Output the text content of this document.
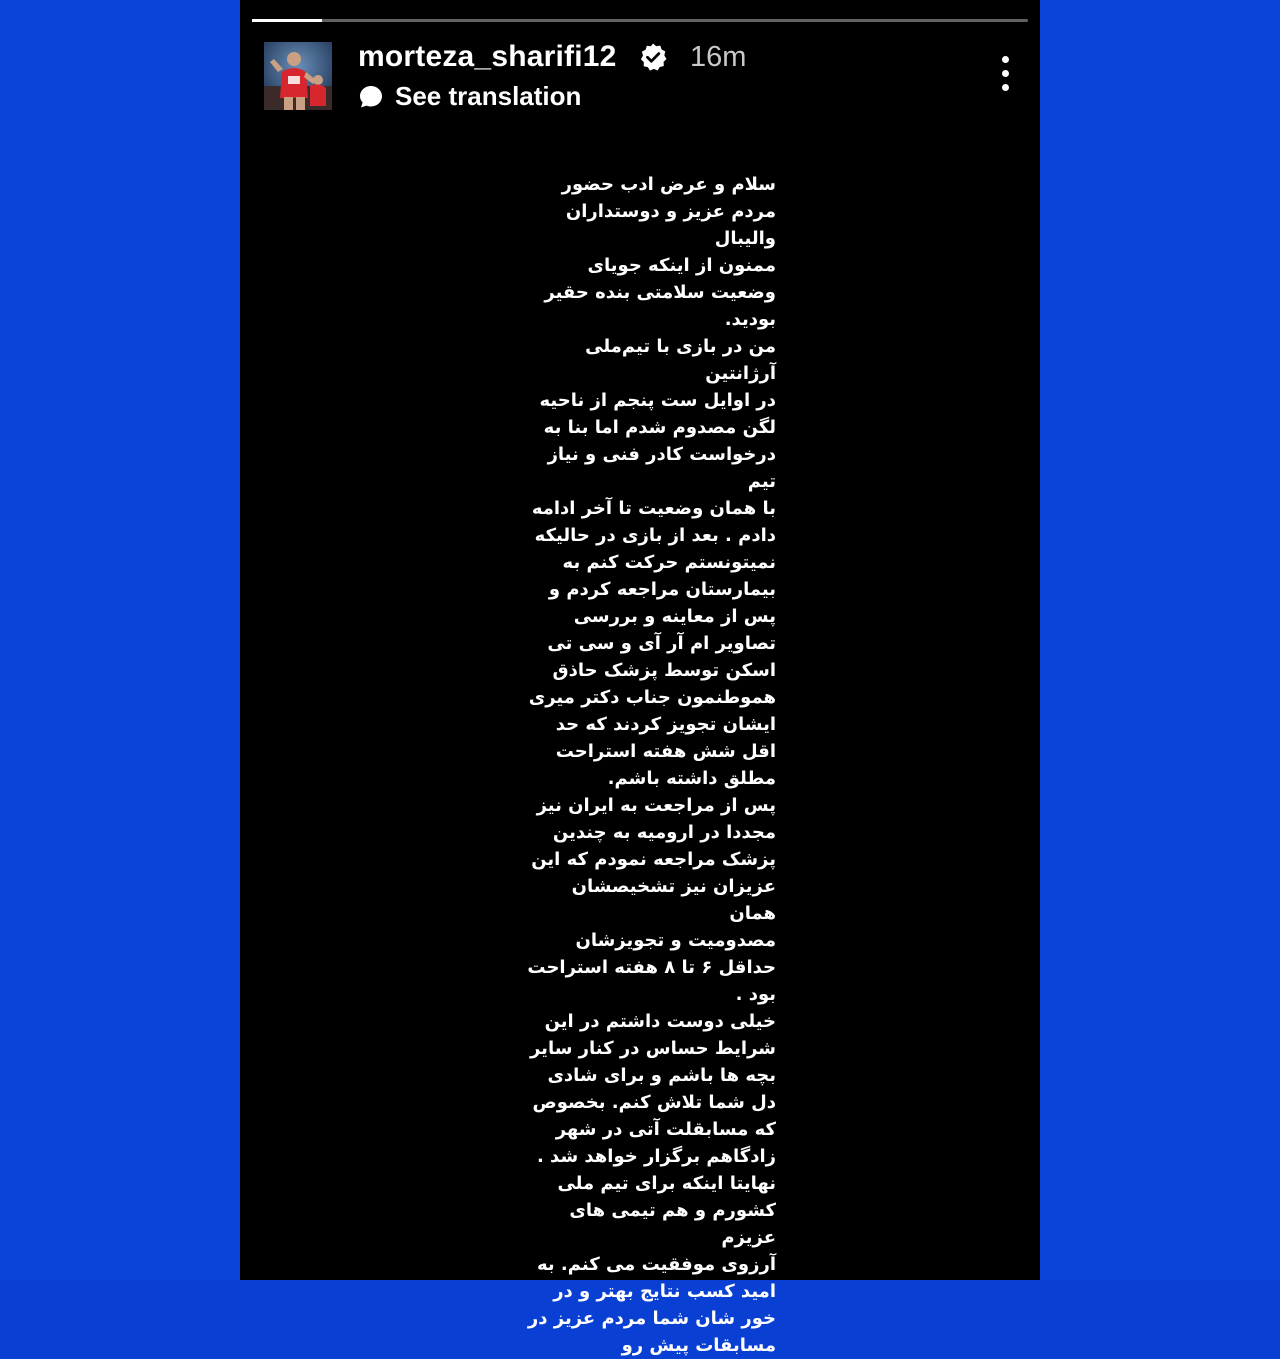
morteza_sharifi12	16m
See translation
سلام و عرض ادب حضور
مردم عزیز و دوستداران
والیبال
ممنون از اینکه جویای
وضعیت سلامتی بنده حقیر
بودید.
من در بازی با تیم‌ملی آرژانتین
در اوایل ست پنجم از ناحیه
لگن مصدوم شدم اما بنا به
درخواست کادر فنی و نیاز تیم
با همان وضعیت تا آخر ادامه
دادم . بعد از بازی در حالیکه
نمیتونستم حرکت کنم به
بیمارستان مراجعه کردم و
پس از معاینه و بررسی
تصاویر ام آر آی و سی تی
اسکن توسط پزشک حاذق
هموطنمون جناب دکتر میری
ایشان تجویز کردند که حد
اقل شش هفته استراحت
مطلق داشته باشم.
پس از مراجعت به ایران نیز
مجددا در ارومیه به چندین
پزشک مراجعه نمودم که این
عزیزان نیز تشخیصشان همان
مصدومیت و تجویزشان
حداقل ۶ تا ۸ هفته استراحت
بود .
خیلی دوست داشتم در این
شرایط حساس در کنار سایر
بچه ها باشم و برای شادی
دل شما تلاش کنم. بخصوص
که مسابقلت آتی در شهر
زادگاهم برگزار خواهد شد .
نهایتا اینکه برای تیم ملی
کشورم و هم تیمی های عزیزم
آرزوی موفقیت می کنم. به
امید کسب نتایج بهتر و در
خور شان شما مردم عزیز در
مسابقات پیش رو
